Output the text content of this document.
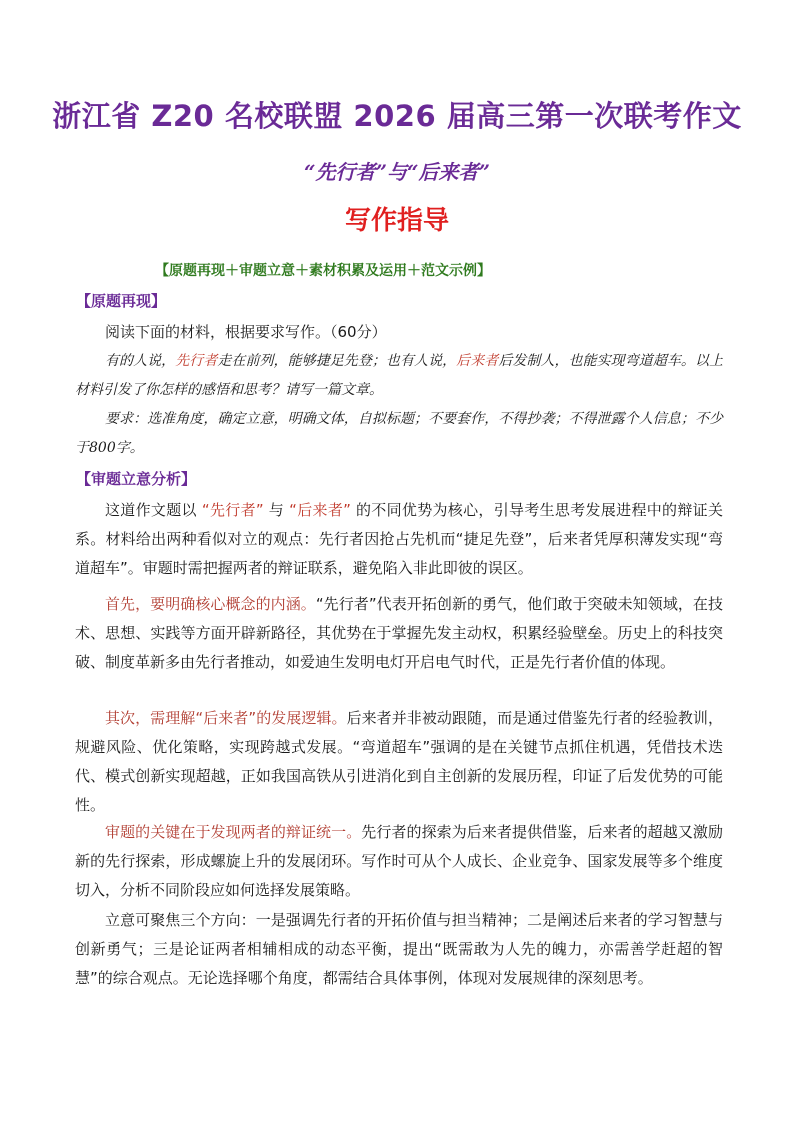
浙江省 Z20 名校联盟 2026 届高三第一次联考作文
“先行者”与“后来者”
写作指导
【原题再现＋审题立意＋素材积累及运用＋范文示例】
【原题再现】

阅读下面的材料，根据要求写作。（60分）

有的人说，先行者走在前列，能够捷足先登；也有人说，后来者后发制人，也能实现弯道超车。以上材料引发了你怎样的感悟和思考？请写一篇文章。

要求：选准角度，确定立意，明确文体，自拟标题；不要套作，不得抄袭；不得泄露个人信息；不少于800字。

【审题立意分析】

这道作文题以 “先行者” 与 “后来者” 的不同优势为核心，引导考生思考发展进程中的辩证关系。材料给出两种看似对立的观点：先行者因抢占先机而“捷足先登”，后来者凭厚积薄发实现“弯道超车”。审题时需把握两者的辩证联系，避免陷入非此即彼的误区。

首先，要明确核心概念的内涵。“先行者”代表开拓创新的勇气，他们敢于突破未知领域，在技术、思想、实践等方面开辟新路径，其优势在于掌握先发主动权，积累经验壁垒。历史上的科技突破、制度革新多由先行者推动，如爱迪生发明电灯开启电气时代，正是先行者价值的体现。

其次，需理解“后来者”的发展逻辑。后来者并非被动跟随，而是通过借鉴先行者的经验教训，规避风险、优化策略，实现跨越式发展。“弯道超车”强调的是在关键节点抓住机遇，凭借技术迭代、模式创新实现超越，正如我国高铁从引进消化到自主创新的发展历程，印证了后发优势的可能性。

审题的关键在于发现两者的辩证统一。先行者的探索为后来者提供借鉴，后来者的超越又激励新的先行探索，形成螺旋上升的发展闭环。写作时可从个人成长、企业竞争、国家发展等多个维度切入，分析不同阶段应如何选择发展策略。

立意可聚焦三个方向：一是强调先行者的开拓价值与担当精神；二是阐述后来者的学习智慧与创新勇气；三是论证两者相辅相成的动态平衡，提出“既需敢为人先的魄力，亦需善学赶超的智慧”的综合观点。无论选择哪个角度，都需结合具体事例，体现对发展规律的深刻思考。
